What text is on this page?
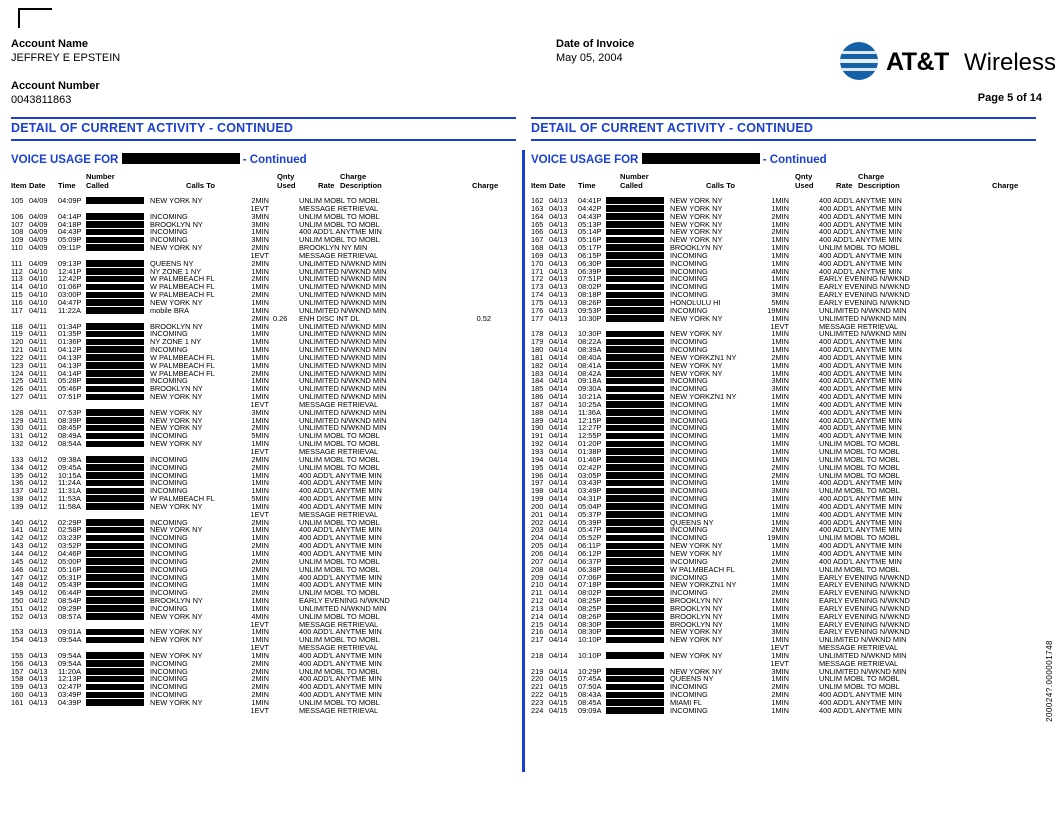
Account Name
JEFFREY E EPSTEIN
Account Number
0043811863
Date of Invoice
May 05, 2004	AT&T Wireless
Page 5 of 14
DETAIL OF CURRENT ACTIVITY - CONTINUED	DETAIL OF CURRENT ACTIVITY - CONTINUED
VOICE USAGE FOR	- Continued	VOICE USAGE FOR	- Continued
Number
Called
Item Date Time	Calls To
Qnty
Used	Rate
Charge
Description	Charge
Number
Called
Item Date Time	Calls To
Qnty
Used	Rate
Charge
Description	Charge
105 04/09 04:09P	NEW YORK NY	2MIN	UNLIM MOBL TO MOBL
1EVT	MESSAGE RETRIEVAL
106 04/09 04:14P	INCOMING	3MIN	UNLIM MOBL TO MOBL
107 04/09 04:18P	BROOKLYN NY	3MIN	UNLIM MOBL TO MOBL
108 04/09 04:43P	INCOMING	1MIN	400 ADD'L ANYTME MIN
109 04/09 05:09P	INCOMING	3MIN	UNLIM MOBL TO MOBL
110 04/09 09:11P	NEW YORK NY	2MIN	BROOKLYN NY MIN
1EVT	MESSAGE RETRIEVAL
111 04/09 09:13P	QUEENS NY	2MIN	UNLIMITED N/WKND MIN
112 04/10 12:41P	NY ZONE 1 NY	1MIN	UNLIMITED N/WKND MIN
113 04/10 12:42P	W PALMBEACH FL	2MIN	UNLIMITED N/WKND MIN
114 04/10 01:06P	W PALMBEACH FL	1MIN	UNLIMITED N/WKND MIN
115 04/10 03:00P	W PALMBEACH FL	2MIN	UNLIMITED N/WKND MIN
116 04/10 04:47P	NEW YORK NY	1MIN	UNLIMITED N/WKND MIN
117 04/11 11:22A	mobile BRA	1MIN	UNLIMITED N/WKND MIN
2MIN 0.26 ENH DISC INT DL	0.52
118 04/11 01:34P	BROOKLYN NY	1MIN	UNLIMITED N/WKND MIN
119 04/11 01:35P	INCOMING	1MIN	UNLIMITED N/WKND MIN
120 04/11 01:36P	NY ZONE 1 NY	1MIN	UNLIMITED N/WKND MIN
121 04/11 04:12P	INCOMING	1MIN	UNLIMITED N/WKND MIN
122 04/11 04:13P	W PALMBEACH FL	1MIN	UNLIMITED N/WKND MIN
123 04/11 04:13P	W PALMBEACH FL	1MIN	UNLIMITED N/WKND MIN
124 04/11 04:14P	W PALMBEACH FL	2MIN	UNLIMITED N/WKND MIN
125 04/11 05:28P	INCOMING	1MIN	UNLIMITED N/WKND MIN
126 04/11 05:46P	BROOKLYN NY	1MIN	UNLIMITED N/WKND MIN
127 04/11 07:51P	NEW YORK NY	1MIN	UNLIMITED N/WKND MIN
1EVT	MESSAGE RETRIEVAL
128 04/11 07:53P	NEW YORK NY	3MIN	UNLIMITED N/WKND MIN
129 04/11 08:39P	NEW YORK NY	1MIN	UNLIMITED N/WKND MIN
130 04/11 08:45P	NEW YORK NY	2MIN	UNLIMITED N/WKND MIN
131 04/12 08:49A	INCOMING	5MIN	UNLIM MOBL TO MOBL
132 04/12 08:54A	NEW YORK NY	1MIN	UNLIM MOBL TO MOBL
1EVT	MESSAGE RETRIEVAL
133 04/12 09:38A	INCOMING	2MIN	UNLIM MOBL TO MOBL
134 04/12 09:45A	INCOMING	2MIN	UNLIM MOBL TO MOBL
135 04/12 10:15A	INCOMING	1MIN	400 ADD'L ANYTME MIN
136 04/12 11:24A	INCOMING	1MIN	400 ADD'L ANYTME MIN
137 04/12 11:31A	INCOMING	1MIN	400 ADD'L ANYTME MIN
138 04/12 11:53A	W PALMBEACH FL	5MIN	400 ADD'L ANYTME MIN
139 04/12 11:58A	NEW YORK NY	1MIN	400 ADD'L ANYTME MIN
1EVT	MESSAGE RETRIEVAL
140 04/12 02:29P	INCOMING	2MIN	UNLIM MOBL TO MOBL
141 04/12 02:58P	NEW YORK NY	1MIN	400 ADD'L ANYTME MIN
142 04/12 03:23P	INCOMING	1MIN	400 ADD'L ANYTME MIN
143 04/12 03:52P	INCOMING	2MIN	400 ADD'L ANYTME MIN
144 04/12 04:46P	INCOMING	1MIN	400 ADD'L ANYTME MIN
145 04/12 05:00P	INCOMING	2MIN	UNLIM MOBL TO MOBL
146 04/12 05:16P	INCOMING	2MIN	UNLIM MOBL TO MOBL
147 04/12 05:31P	INCOMING	1MIN	400 ADD'L ANYTME MIN
148 04/12 05:43P	INCOMING	1MIN	400 ADD'L ANYTME MIN
149 04/12 06:44P	INCOMING	2MIN	UNLIM MOBL TO MOBL
150 04/12 08:54P	BROOKLYN NY	1MIN	EARLY EVENING N/WKND
151 04/12 09:29P	INCOMING	1MIN	UNLIMITED N/WKND MIN
152 04/13 08:57A	NEW YORK NY	4MIN	UNLIM MOBL TO MOBL
1EVT	MESSAGE RETRIEVAL
153 04/13 09:01A	NEW YORK NY	1MIN	400 ADD'L ANYTME MIN
154 04/13 09:54A	NEW YORK NY	1MIN	UNLIM MOBL TO MOBL
1EVT	MESSAGE RETRIEVAL
155 04/13 09:54A	NEW YORK NY	1MIN	400 ADD'L ANYTME MIN
156 04/13 09:54A	INCOMING	2MIN	400 ADD'L ANYTME MIN
157 04/13 11:20A	INCOMING	2MIN	UNLIM MOBL TO MOBL
158 04/13 12:13P	INCOMING	2MIN	400 ADD'L ANYTME MIN
159 04/13 02:47P	INCOMING	2MIN	400 ADD'L ANYTME MIN
160 04/13 03:49P	INCOMING	2MIN	400 ADD'L ANYTME MIN
161 04/13 04:39P	NEW YORK NY	1MIN	UNLIM MOBL TO MOBL
1EVT	MESSAGE RETRIEVAL
162 04/13 04:41P	NEW YORK NY	1MIN	400 ADD'L ANYTME MIN
163 04/13 04:42P	NEW YORK NY	1MIN	400 ADD'L ANYTME MIN
164 04/13 04:43P	NEW YORK NY	2MIN	400 ADD'L ANYTME MIN
165 04/13 05:13P	NEW YORK NY	1MIN	400 ADD'L ANYTME MIN
166 04/13 05:14P	NEW YORK NY	2MIN	400 ADD'L ANYTME MIN
167 04/13 05:16P	NEW YORK NY	1MIN	400 ADD'L ANYTME MIN
168 04/13 05:17P	BROOKLYN NY	1MIN	UNLIM MOBL TO MOBL
169 04/13 06:15P	INCOMING	1MIN	400 ADD'L ANYTME MIN
170 04/13 06:30P	INCOMING	1MIN	400 ADD'L ANYTME MIN
171 04/13 06:39P	INCOMING	4MIN	400 ADD'L ANYTME MIN
172 04/13 07:51P	INCOMING	1MIN	EARLY EVENING N/WKND
173 04/13 08:02P	INCOMING	1MIN	EARLY EVENING N/WKND
174 04/13 08:18P	INCOMING	3MIN	EARLY EVENING N/WKND
175 04/13 08:26P	HONOLULU HI	5MIN	EARLY EVENING N/WKND
176 04/13 09:53P	INCOMING	19MIN	UNLIMITED N/WKND MIN
177 04/13 10:30P	NEW YORK NY	1MIN	UNLIMITED N/WKND MIN
1EVT	MESSAGE RETRIEVAL
178 04/13 10:30P	NEW YORK NY	1MIN	UNLIMITED N/WKND MIN
179 04/14 08:22A	INCOMING	1MIN	400 ADD'L ANYTME MIN
180 04/14 08:39A	INCOMING	1MIN	400 ADD'L ANYTME MIN
181 04/14 08:40A	NEW YORKZN1 NY	2MIN	400 ADD'L ANYTME MIN
182 04/14 08:41A	NEW YORK NY	1MIN	400 ADD'L ANYTME MIN
183 04/14 08:42A	NEW YORK NY	1MIN	400 ADD'L ANYTME MIN
184 04/14 09:18A	INCOMING	3MIN	400 ADD'L ANYTME MIN
185 04/14 09:30A	INCOMING	3MIN	400 ADD'L ANYTME MIN
186 04/14 10:21A	NEW YORKZN1 NY	1MIN	400 ADD'L ANYTME MIN
187 04/14 10:25A	INCOMING	1MIN	400 ADD'L ANYTME MIN
188 04/14 11:36A	INCOMING	1MIN	400 ADD'L ANYTME MIN
189 04/14 12:15P	INCOMING	1MIN	400 ADD'L ANYTME MIN
190 04/14 12:27P	INCOMING	1MIN	400 ADD'L ANYTME MIN
191 04/14 12:55P	INCOMING	1MIN	400 ADD'L ANYTME MIN
192 04/14 01:20P	INCOMING	1MIN	UNLIM MOBL TO MOBL
193 04/14 01:38P	INCOMING	1MIN	UNLIM MOBL TO MOBL
194 04/14 01:46P	INCOMING	1MIN	UNLIM MOBL TO MOBL
195 04/14 02:42P	INCOMING	2MIN	UNLIM MOBL TO MOBL
196 04/14 03:05P	INCOMING	2MIN	UNLIM MOBL TO MOBL
197 04/14 03:43P	INCOMING	1MIN	400 ADD'L ANYTME MIN
198 04/14 03:49P	INCOMING	3MIN	UNLIM MOBL TO MOBL
199 04/14 04:31P	INCOMING	1MIN	400 ADD'L ANYTME MIN
200 04/14 05:04P	INCOMING	1MIN	400 ADD'L ANYTME MIN
201 04/14 05:37P	INCOMING	1MIN	400 ADD'L ANYTME MIN
202 04/14 05:39P	QUEENS NY	1MIN	400 ADD'L ANYTME MIN
203 04/14 05:47P	INCOMING	2MIN	400 ADD'L ANYTME MIN
204 04/14 05:52P	INCOMING	19MIN	UNLIM MOBL TO MOBL
205 04/14 06:11P	NEW YORK NY	1MIN	400 ADD'L ANYTME MIN
206 04/14 06:12P	NEW YORK NY	1MIN	400 ADD'L ANYTME MIN
207 04/14 06:37P	INCOMING	2MIN	400 ADD'L ANYTME MIN
208 04/14 06:38P	W PALMBEACH FL	1MIN	UNLIM MOBL TO MOBL
209 04/14 07:06P	INCOMING	1MIN	EARLY EVENING N/WKND
210 04/14 07:18P	NEW YORKZN1 NY	1MIN	EARLY EVENING N/WKND
211 04/14 08:02P	INCOMING	2MIN	EARLY EVENING N/WKND
212 04/14 08:25P	BROOKLYN NY	1MIN	EARLY EVENING N/WKND
213 04/14 08:25P	BROOKLYN NY	1MIN	EARLY EVENING N/WKND
214 04/14 08:26P	BROOKLYN NY	1MIN	EARLY EVENING N/WKND
215 04/14 08:30P	BROOKLYN NY	1MIN	EARLY EVENING N/WKND
216 04/14 08:30P	NEW YORK NY	3MIN	EARLY EVENING N/WKND
217 04/14 10:10P	NEW YORK NY	1MIN	UNLIMITED N/WKND MIN
1EVT	MESSAGE RETRIEVAL
218 04/14 10:10P	NEW YORK NY	1MIN	UNLIMITED N/WKND MIN
1EVT	MESSAGE RETRIEVAL
219 04/14 10:29P	NEW YORK NY	3MIN	UNLIMITED N/WKND MIN
220 04/15 07:45A	QUEENS NY	1MIN	UNLIM MOBL TO MOBL
221 04/15 07:50A	INCOMING	2MIN	UNLIM MOBL TO MOBL
222 04/15 08:43A	INCOMING	2MIN	400 ADD'L ANYTME MIN
223 04/15 08:45A	MIAMI FL	1MIN	400 ADD'L ANYTME MIN
224 04/15 09:09A	INCOMING	1MIN	400 ADD'L ANYTME MIN	200024?.000001748
